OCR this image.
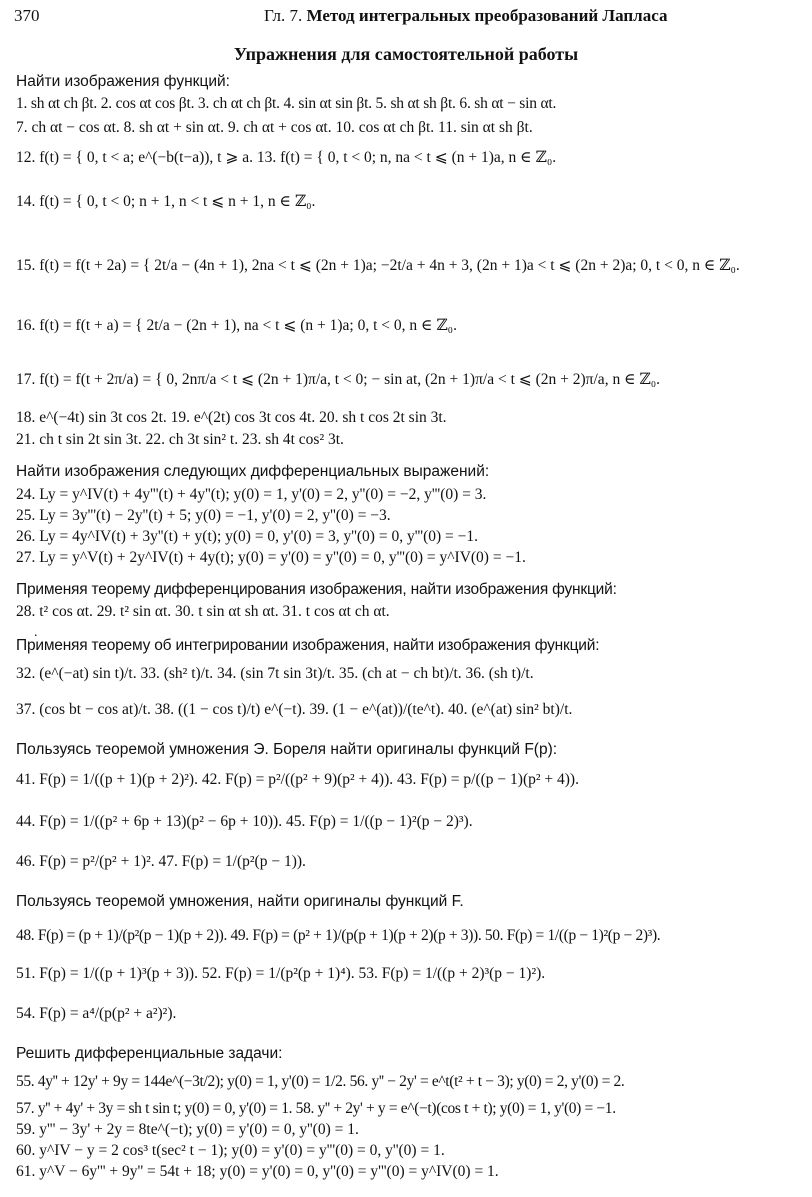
370	Гл. 7. Метод интегральных преобразований Лапласа
Упражнения для самостоятельной работы
Найти изображения функций:
1. sh αt ch βt. 2. cos αt cos βt. 3. ch αt ch βt. 4. sin αt sin βt. 5. sh αt sh βt. 6. sh αt − sin αt.
7. ch αt − cos αt. 8. sh αt + sin αt. 9. ch αt + cos αt. 10. cos αt ch βt. 11. sin αt sh βt.
12. f(t) = { 0, t < a; e^(−b(t−a)), t ⩾ a. 13. f(t) = { 0, t < 0; n, na < t ⩽ (n + 1)a, n ∈ ℤ₀.
14. f(t) = { 0, t < 0; n + 1, n < t ⩽ n + 1, n ∈ ℤ₀.
15. f(t) = f(t + 2a) = { 2t/a − (4n + 1), 2na < t ⩽ (2n + 1)a; −2t/a + 4n + 3, (2n + 1)a < t ⩽ (2n + 2)a; 0, t < 0, n ∈ ℤ₀.
16. f(t) = f(t + a) = { 2t/a − (2n + 1), na < t ⩽ (n + 1)a; 0, t < 0, n ∈ ℤ₀.
17. f(t) = f(t + 2π/a) = { 0, 2nπ/a < t ⩽ (2n + 1)π/a, t < 0; − sin at, (2n + 1)π/a < t ⩽ (2n + 2)π/a, n ∈ ℤ₀.
18. e^(−4t) sin 3t cos 2t. 19. e^(2t) cos 3t cos 4t. 20. sh t cos 2t sin 3t.
21. ch t sin 2t sin 3t. 22. ch 3t sin² t. 23. sh 4t cos² 3t.
Найти изображения следующих дифференциальных выражений:
24. Ly = y^IV(t) + 4y'''(t) + 4y''(t); y(0) = 1, y'(0) = 2, y''(0) = −2, y'''(0) = 3.
25. Ly = 3y'''(t) − 2y''(t) + 5; y(0) = −1, y'(0) = 2, y''(0) = −3.
26. Ly = 4y^IV(t) + 3y''(t) + y(t); y(0) = 0, y'(0) = 3, y''(0) = 0, y'''(0) = −1.
27. Ly = y^V(t) + 2y^IV(t) + 4y(t); y(0) = y'(0) = y''(0) = 0, y'''(0) = y^IV(0) = −1.
Применяя теорему дифференцирования изображения, найти изображения функций:
28. t² cos αt. 29. t² sin αt. 30. t sin αt sh αt. 31. t cos αt ch αt.
.
Применяя теорему об интегрировании изображения, найти изображения функций:
32. (e^(−at) sin t)/t. 33. (sh² t)/t. 34. (sin 7t sin 3t)/t. 35. (ch at − ch bt)/t. 36. (sh t)/t.
37. (cos bt − cos at)/t. 38. ((1 − cos t)/t) e^(−t). 39. (1 − e^(at))/(te^t). 40. (e^(at) sin² bt)/t.
Пользуясь теоремой умножения Э. Бореля найти оригиналы функций F(p):
41. F(p) = 1/((p + 1)(p + 2)²). 42. F(p) = p²/((p² + 9)(p² + 4)). 43. F(p) = p/((p − 1)(p² + 4)).
44. F(p) = 1/((p² + 6p + 13)(p² − 6p + 10)). 45. F(p) = 1/((p − 1)²(p − 2)³).
46. F(p) = p²/(p² + 1)². 47. F(p) = 1/(p²(p − 1)).
Пользуясь теоремой умножения, найти оригиналы функций F.
48. F(p) = (p + 1)/(p²(p − 1)(p + 2)). 49. F(p) = (p² + 1)/(p(p + 1)(p + 2)(p + 3)). 50. F(p) = 1/((p − 1)²(p − 2)³).
51. F(p) = 1/((p + 1)³(p + 3)). 52. F(p) = 1/(p²(p + 1)⁴). 53. F(p) = 1/((p + 2)³(p − 1)²).
54. F(p) = a⁴/(p(p² + a²)²).
Решить дифференциальные задачи:
55. 4y'' + 12y' + 9y = 144e^(−3t/2); y(0) = 1, y'(0) = 1/2. 56. y'' − 2y' = e^t(t² + t − 3); y(0) = 2, y'(0) = 2.
57. y'' + 4y' + 3y = sh t sin t; y(0) = 0, y'(0) = 1. 58. y'' + 2y' + y = e^(−t)(cos t + t); y(0) = 1, y'(0) = −1.
59. y''' − 3y' + 2y = 8te^(−t); y(0) = y'(0) = 0, y''(0) = 1.
60. y^IV − y = 2 cos³ t(sec² t − 1); y(0) = y'(0) = y'''(0) = 0, y''(0) = 1.
61. y^V − 6y''' + 9y'' = 54t + 18; y(0) = y'(0) = 0, y''(0) = y'''(0) = y^IV(0) = 1.
